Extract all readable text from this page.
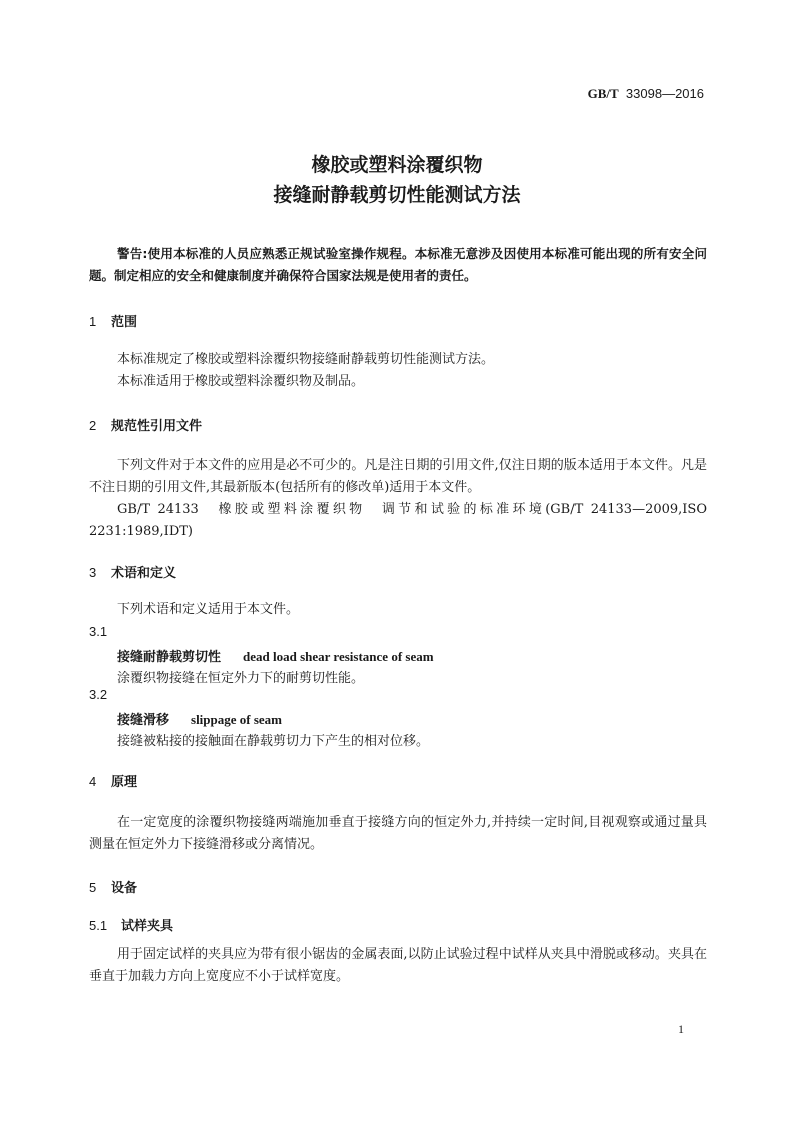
GB/T 33098—2016
橡胶或塑料涂覆织物
接缝耐静载剪切性能测试方法
警告:使用本标准的人员应熟悉正规试验室操作规程。本标准无意涉及因使用本标准可能出现的所有安全问题。制定相应的安全和健康制度并确保符合国家法规是使用者的责任。
1 范围
本标准规定了橡胶或塑料涂覆织物接缝耐静载剪切性能测试方法。
本标准适用于橡胶或塑料涂覆织物及制品。
2 规范性引用文件
下列文件对于本文件的应用是必不可少的。凡是注日期的引用文件,仅注日期的版本适用于本文件。凡是不注日期的引用文件,其最新版本(包括所有的修改单)适用于本文件。
GB/T 24133　橡胶或塑料涂覆织物　调节和试验的标准环境(GB/T 24133—2009,ISO 2231:1989,IDT)
3 术语和定义
下列术语和定义适用于本文件。
3.1
接缝耐静载剪切性 dead load shear resistance of seam
涂覆织物接缝在恒定外力下的耐剪切性能。
3.2
接缝滑移 slippage of seam
接缝被粘接的接触面在静载剪切力下产生的相对位移。
4 原理
在一定宽度的涂覆织物接缝两端施加垂直于接缝方向的恒定外力,并持续一定时间,目视观察或通过量具测量在恒定外力下接缝滑移或分离情况。
5 设备
5.1 试样夹具
用于固定试样的夹具应为带有很小锯齿的金属表面,以防止试验过程中试样从夹具中滑脱或移动。夹具在垂直于加载力方向上宽度应不小于试样宽度。
1
